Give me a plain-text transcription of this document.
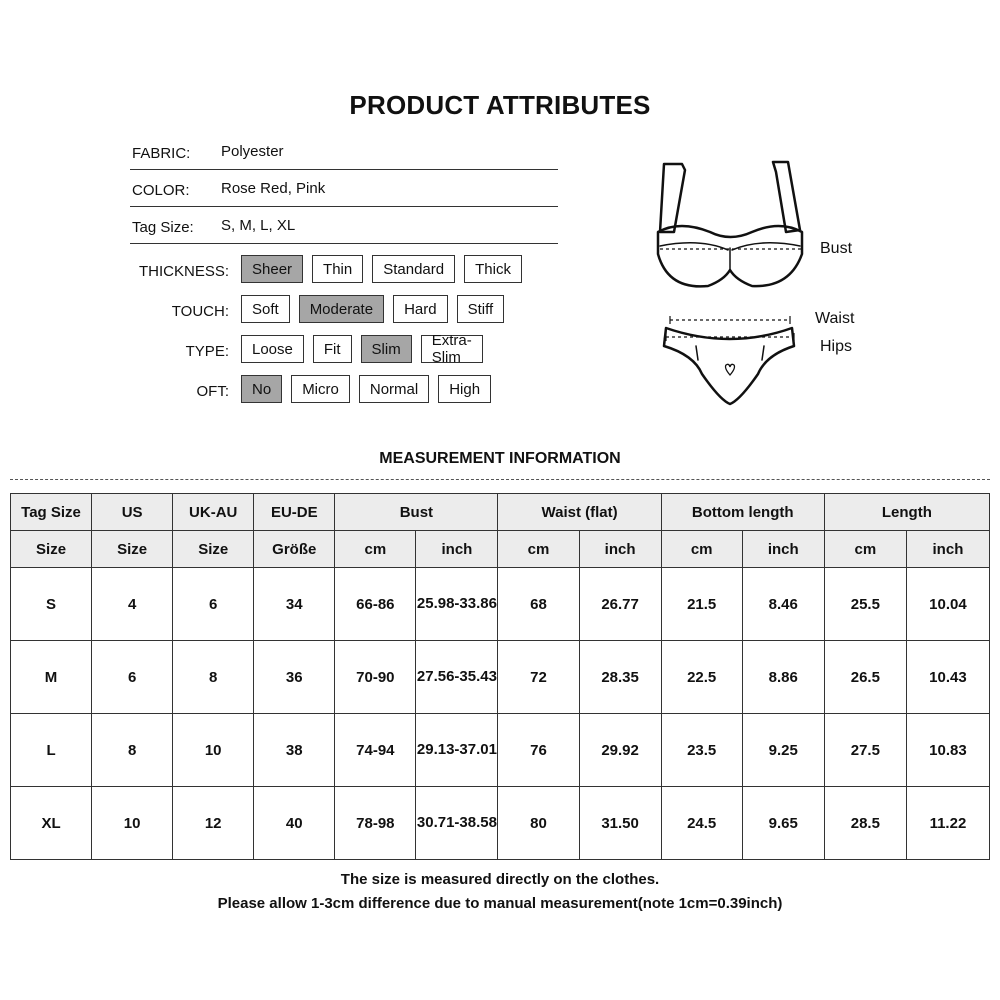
PRODUCT ATTRIBUTES
FABRIC: Polyester
COLOR: Rose Red, Pink
Tag Size: S, M, L, XL
THICKNESS:	Sheer	Thin	Standard	Thick
TOUCH:	Soft	Moderate	Hard	Stiff
TYPE:	Loose	Fit	Slim	Extra-Slim
OFT:	No	Micro	Normal	High
Bust
Waist
Hips
MEASUREMENT INFORMATION
Tag Size	US	UK-AU	EU-DE	Bust		Waist (flat)		Bottom length		Length	
Size	Size	Size	Größe	cm	inch	cm	inch	cm	inch	cm	inch
S	4	6	34	66-86	25.98-33.86	68	26.77	21.5	8.46	25.5	10.04
M	6	8	36	70-90	27.56-35.43	72	28.35	22.5	8.86	26.5	10.43
L	8	10	38	74-94	29.13-37.01	76	29.92	23.5	9.25	27.5	10.83
XL	10	12	40	78-98	30.71-38.58	80	31.50	24.5	9.65	28.5	11.22
The size is measured directly on the clothes.
Please allow 1-3cm difference due to manual measurement(note 1cm=0.39inch)
